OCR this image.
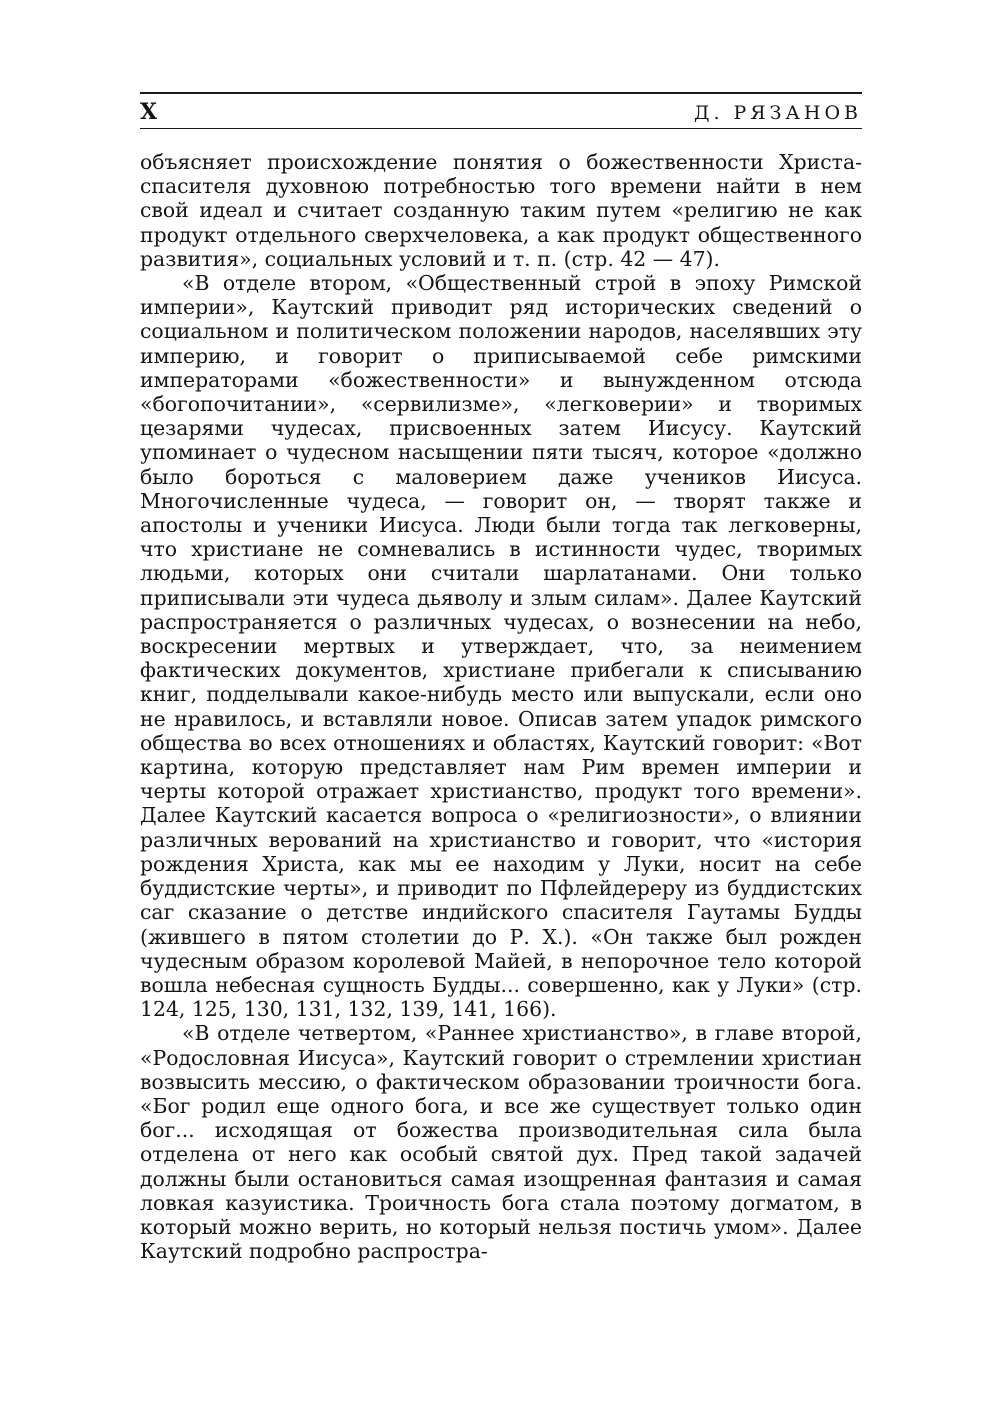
X	Д. РЯЗАНОВ

объясняет происхождение понятия о божественности Христа-спасителя духовною потребностью того времени найти в нем свой идеал и считает созданную таким путем «религию не как продукт отдельного сверхчеловека, а как продукт общественного развития», социальных условий и т. п. (стр. 42 — 47).

«В отделе втором, «Общественный строй в эпоху Римской империи», Каутский приводит ряд исторических сведений о социальном и политическом положении народов, населявших эту империю, и говорит о приписываемой себе римскими императорами «божественности» и вынужденном отсюда «богопочитании», «сервилизме», «легковерии» и творимых цезарями чудесах, присвоенных затем Иисусу. Каутский упоминает о чудесном насыщении пяти тысяч, которое «должно было бороться с маловерием даже учеников Иисуса. Многочисленные чудеса, — говорит он, — творят также и апостолы и ученики Иисуса. Люди были тогда так легковерны, что христиане не сомневались в истинности чудес, творимых людьми, которых они считали шарлатанами. Они только приписывали эти чудеса дьяволу и злым силам». Далее Каутский распространяется о различных чудесах, о вознесении на небо, воскресении мертвых и утверждает, что, за неимением фактических документов, христиане прибегали к списыванию книг, подделывали какое-нибудь место или выпускали, если оно не нравилось, и вставляли новое. Описав затем упадок римского общества во всех отношениях и областях, Каутский говорит: «Вот картина, которую представляет нам Рим времен империи и черты которой отражает христианство, продукт того времени». Далее Каутский касается вопроса о «религиозности», о влиянии различных верований на христианство и говорит, что «история рождения Христа, как мы ее находим у Луки, носит на себе буддистские черты», и приводит по Пфлейдереру из буддистских саг сказание о детстве индийского спасителя Гаутамы Будды (жившего в пятом столетии до Р. Х.). «Он также был рожден чудесным образом королевой Майей, в непорочное тело которой вошла небесная сущность Будды... совершенно, как у Луки» (стр. 124, 125, 130, 131, 132, 139, 141, 166).

«В отделе четвертом, «Раннее христианство», в главе второй, «Родословная Иисуса», Каутский говорит о стремлении христиан возвысить мессию, о фактическом образовании троичности бога. «Бог родил еще одного бога, и все же существует только один бог... исходящая от божества производительная сила была отделена от него как особый святой дух. Пред такой задачей должны были остановиться самая изощренная фантазия и самая ловкая казуистика. Троичность бога стала поэтому догматом, в который можно верить, но который нельзя постичь умом». Далее Каутский подробно распростра-
